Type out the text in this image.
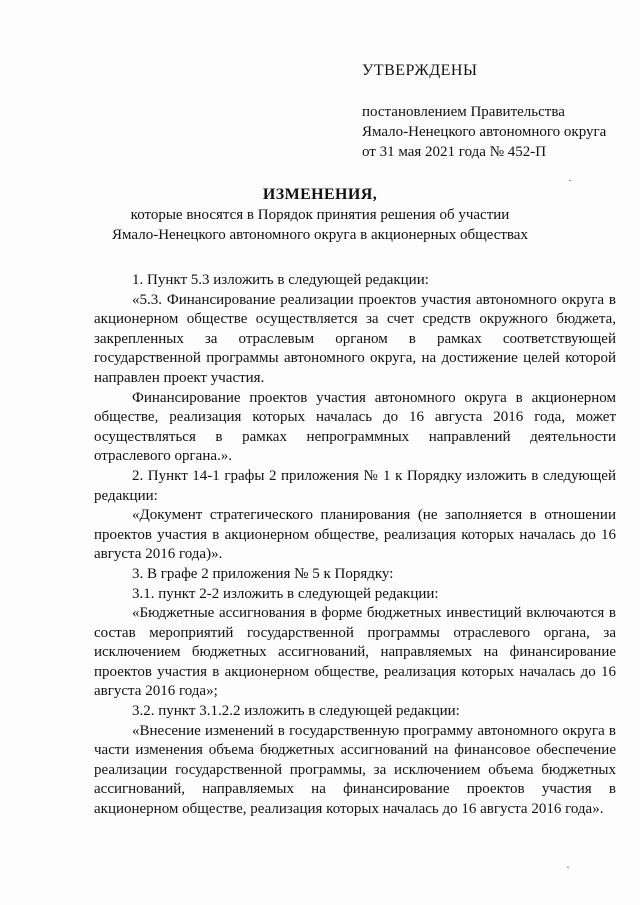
УТВЕРЖДЕНЫ
постановлением Правительства
Ямало-Ненецкого автономного округа
от 31 мая 2021 года № 452-П
ИЗМЕНЕНИЯ,
которые вносятся в Порядок принятия решения об участии
Ямало-Ненецкого автономного округа в акционерных обществах

1. Пункт 5.3 изложить в следующей редакции:

«5.3. Финансирование реализации проектов участия автономного округа в акционерном обществе осуществляется за счет средств окружного бюджета, закрепленных за отраслевым органом в рамках соответствующей государственной программы автономного округа, на достижение целей которой направлен проект участия.

Финансирование проектов участия автономного округа в акционерном обществе, реализация которых началась до 16 августа 2016 года, может осуществляться в рамках непрограммных направлений деятельности отраслевого органа.».

2. Пункт 14-1 графы 2 приложения № 1 к Порядку изложить в следующей редакции:

«Документ стратегического планирования (не заполняется в отношении проектов участия в акционерном обществе, реализация которых началась до 16 августа 2016 года)».

3. В графе 2 приложения № 5 к Порядку:

3.1. пункт 2-2 изложить в следующей редакции:

«Бюджетные ассигнования в форме бюджетных инвестиций включаются в состав мероприятий государственной программы отраслевого органа, за исключением бюджетных ассигнований, направляемых на финансирование проектов участия в акционерном обществе, реализация которых началась до 16 августа 2016 года»;

3.2. пункт 3.1.2.2 изложить в следующей редакции:

«Внесение изменений в государственную программу автономного округа в части изменения объема бюджетных ассигнований на финансовое обеспечение реализации государственной программы, за исключением объема бюджетных ассигнований, направляемых на финансирование проектов участия в акционерном обществе, реализация которых началась до 16 августа 2016 года».

·
·
